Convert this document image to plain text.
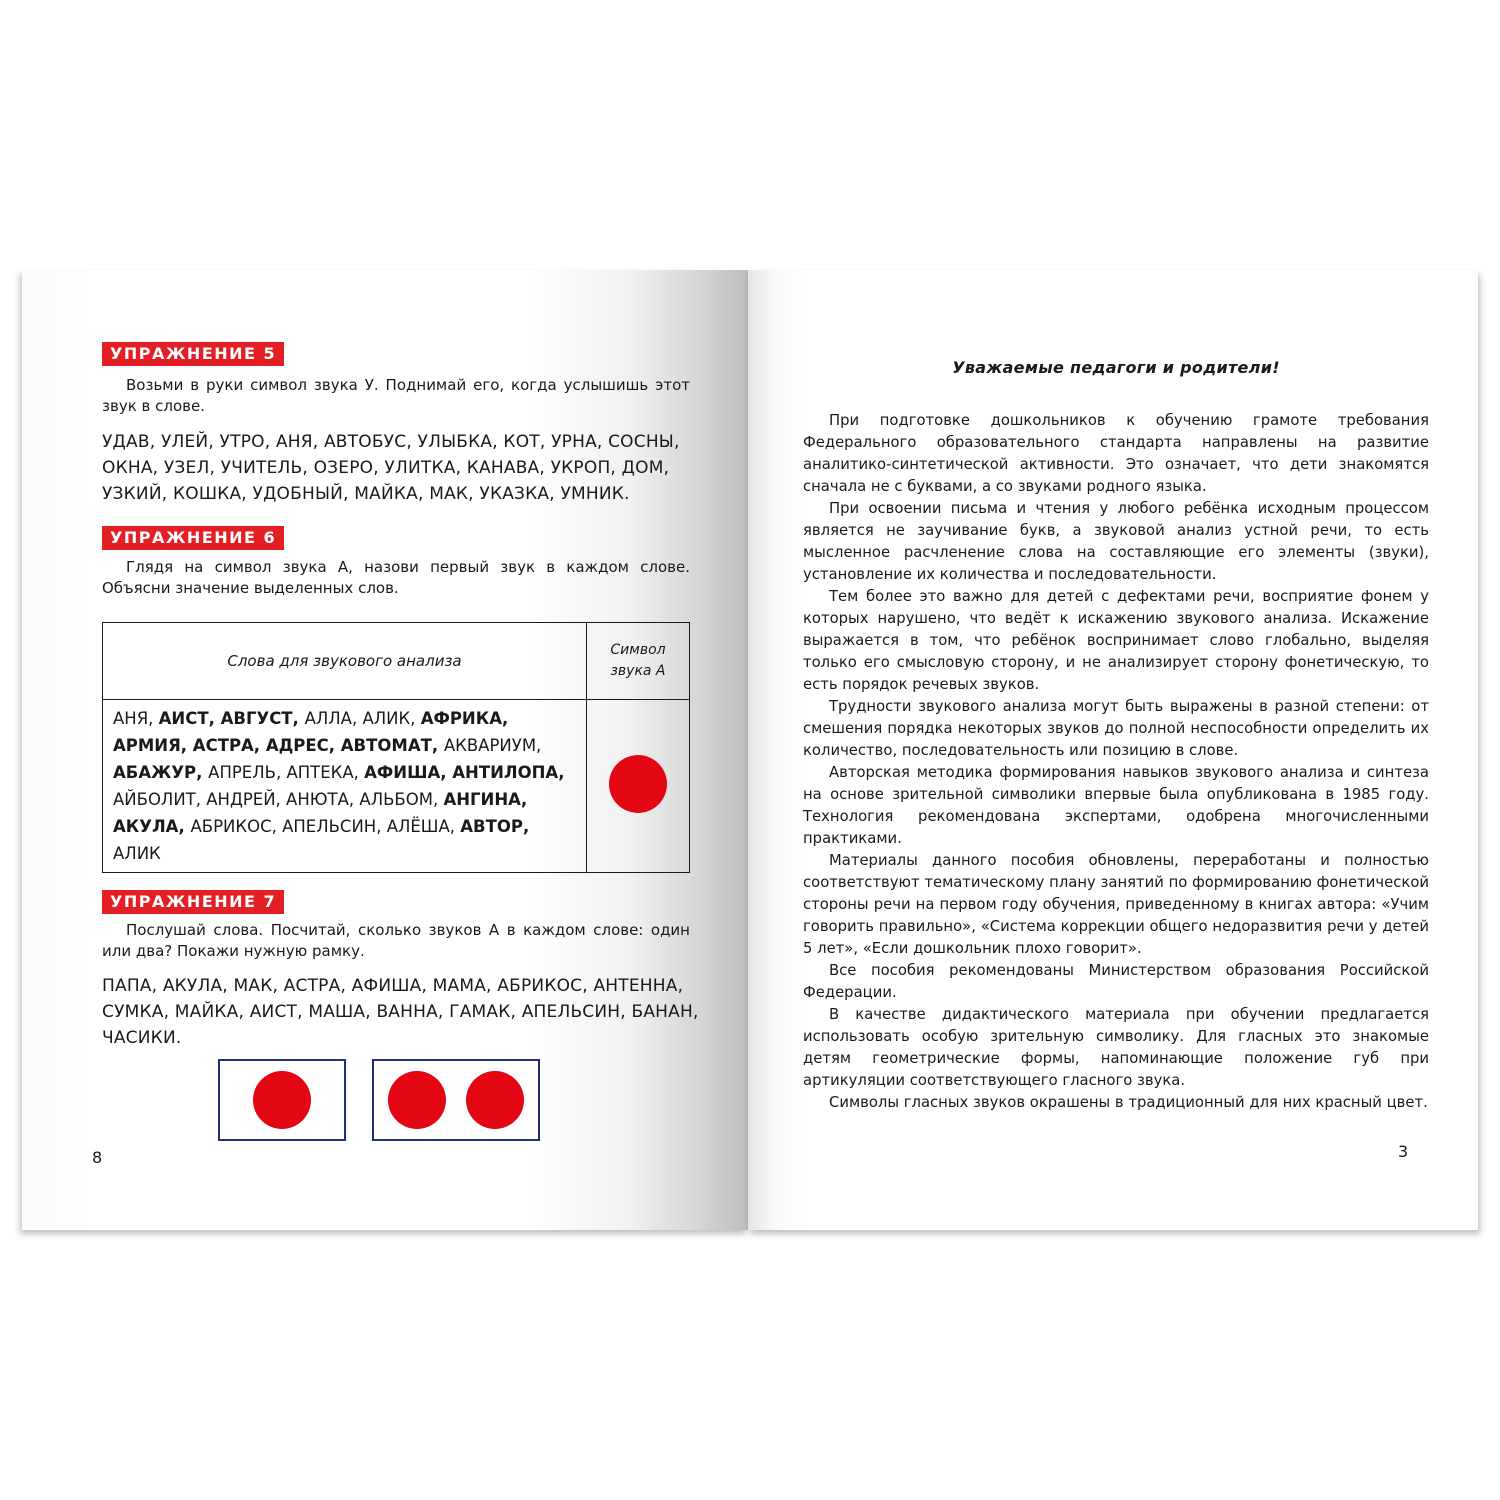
УПРАЖНЕНИЕ 5
Возьми в руки символ звука У. Поднимай его, когда услышишь этот звук в слове.
УДАВ, УЛЕЙ, УТРО, АНЯ, АВТОБУС, УЛЫБКА, КОТ, УРНА, СОСНЫ,
ОКНА, УЗЕЛ, УЧИТЕЛЬ, ОЗЕРО, УЛИТКА, КАНАВА, УКРОП, ДОМ,
УЗКИЙ, КОШКА, УДОБНЫЙ, МАЙКА, МАК, УКАЗКА, УМНИК.
УПРАЖНЕНИЕ 6
Глядя на символ звука А, назови первый звук в каждом слове. Объясни значение выделенных слов.
Слова для звукового анализа	Символ звука А
АНЯ, АИСТ, АВГУСТ, АЛЛА, АЛИК, АФРИКА, АРМИЯ, АСТРА, АДРЕС, АВТОМАТ, АКВАРИУМ, АБАЖУР, АПРЕЛЬ, АПТЕКА, АФИША, АНТИЛОПА, АЙБОЛИТ, АНДРЕЙ, АНЮТА, АЛЬБОМ, АНГИНА, АКУЛА, АБРИКОС, АПЕЛЬСИН, АЛЁША, АВТОР, АЛИК	
УПРАЖНЕНИЕ 7
Послушай слова. Посчитай, сколько звуков А в каждом слове: один или два? Покажи нужную рамку.
ПАПА, АКУЛА, МАК, АСТРА, АФИША, МАМА, АБРИКОС, АНТЕННА,
СУМКА, МАЙКА, АИСТ, МАША, ВАННА, ГАМАК, АПЕЛЬСИН, БАНАН,
ЧАСИКИ.
8
Уважаемые педагоги и родители!

При подготовке дошкольников к обучению грамоте требования Федерального образовательного стандарта направлены на развитие аналитико-синтетической активности. Это означает, что дети знакомятся сначала не с буквами, а со звуками родного языка.

При освоении письма и чтения у любого ребёнка исходным процессом является не заучивание букв, а звуковой анализ устной речи, то есть мысленное расчленение слова на составляющие его элементы (звуки), установление их количества и последовательности.

Тем более это важно для детей с дефектами речи, восприятие фонем у которых нарушено, что ведёт к искажению звукового анализа. Искажение выражается в том, что ребёнок воспринимает слово глобально, выделяя только его смысловую сторону, и не анализирует сторону фонетическую, то есть порядок речевых звуков.

Трудности звукового анализа могут быть выражены в разной степени: от смешения порядка некоторых звуков до полной неспособности определить их количество, последовательность или позицию в слове.

Авторская методика формирования навыков звукового анализа и синтеза на основе зрительной символики впервые была опубликована в 1985 году. Технология рекомендована экспертами, одобрена многочисленными практиками.

Материалы данного пособия обновлены, переработаны и полностью соответствуют тематическому плану занятий по формированию фонетической стороны речи на первом году обучения, приведенному в книгах автора: «Учим говорить правильно», «Система коррекции общего недоразвития речи у детей 5 лет», «Если дошкольник плохо говорит».

Все пособия рекомендованы Министерством образования Российской Федерации.

В качестве дидактического материала при обучении предлагается использовать особую зрительную символику. Для гласных это знакомые детям геометрические формы, напоминающие положение губ при артикуляции соответствующего гласного звука.

Символы гласных звуков окрашены в традиционный для них красный цвет.

3
